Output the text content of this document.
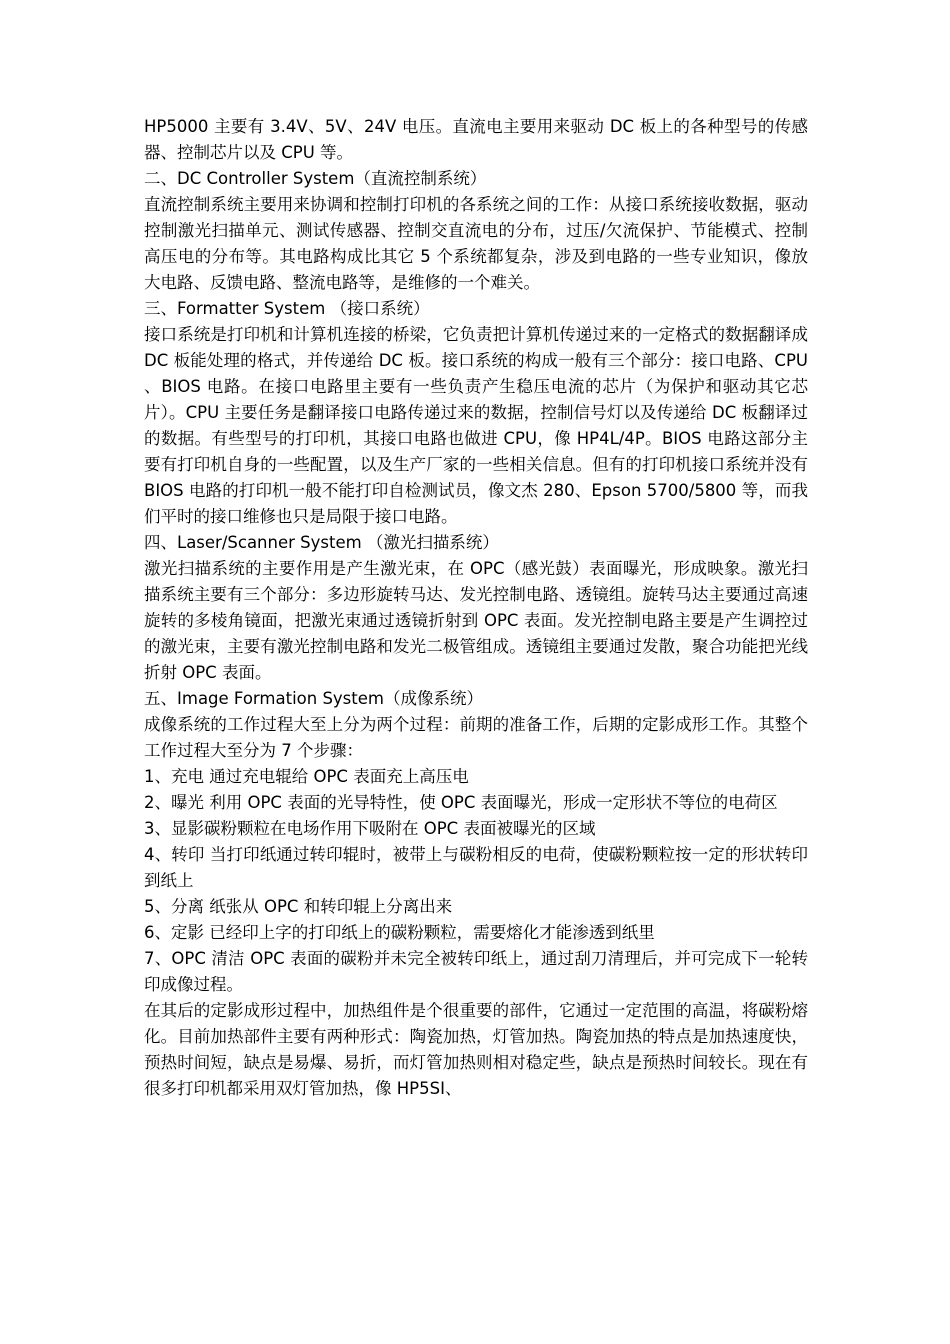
HP5000 主要有 3.4V、5V、24V 电压。直流电主要用来驱动 DC 板上的各种型号的传感器、控制芯片以及 CPU 等。

二、DC Controller System（直流控制系统）

直流控制系统主要用来协调和控制打印机的各系统之间的工作：从接口系统接收数据，驱动控制激光扫描单元、测试传感器、控制交直流电的分布，过压/欠流保护、节能模式、控制高压电的分布等。其电路构成比其它 5 个系统都复杂，涉及到电路的一些专业知识，像放大电路、反馈电路、整流电路等，是维修的一个难关。

三、Formatter System （接口系统）

接口系统是打印机和计算机连接的桥梁，它负责把计算机传递过来的一定格式的数据翻译成 DC 板能处理的格式，并传递给 DC 板。接口系统的构成一般有三个部分：接口电路、CPU 、BIOS 电路。在接口电路里主要有一些负责产生稳压电流的芯片（为保护和驱动其它芯片）。CPU 主要任务是翻译接口电路传递过来的数据，控制信号灯以及传递给 DC 板翻译过的数据。有些型号的打印机，其接口电路也做进 CPU，像 HP4L/4P。BIOS 电路这部分主要有打印机自身的一些配置，以及生产厂家的一些相关信息。但有的打印机接口系统并没有 BIOS 电路的打印机一般不能打印自检测试员，像文杰 280、Epson 5700/5800 等，而我们平时的接口维修也只是局限于接口电路。

四、Laser/Scanner System （激光扫描系统）

激光扫描系统的主要作用是产生激光束，在 OPC（感光鼓）表面曝光，形成映象。激光扫描系统主要有三个部分：多边形旋转马达、发光控制电路、透镜组。旋转马达主要通过高速旋转的多棱角镜面，把激光束通过透镜折射到 OPC 表面。发光控制电路主要是产生调控过的激光束，主要有激光控制电路和发光二极管组成。透镜组主要通过发散，聚合功能把光线折射 OPC 表面。

五、Image Formation System（成像系统）

成像系统的工作过程大至上分为两个过程：前期的准备工作，后期的定影成形工作。其整个工作过程大至分为 7 个步骤：

1、充电 通过充电辊给 OPC 表面充上高压电

2、曝光 利用 OPC 表面的光导特性，使 OPC 表面曝光，形成一定形状不等位的电荷区

3、显影碳粉颗粒在电场作用下吸附在 OPC 表面被曝光的区域

4、转印 当打印纸通过转印辊时，被带上与碳粉相反的电荷，使碳粉颗粒按一定的形状转印到纸上

5、分离 纸张从 OPC 和转印辊上分离出来

6、定影 已经印上字的打印纸上的碳粉颗粒，需要熔化才能渗透到纸里

7、OPC 清洁 OPC 表面的碳粉并未完全被转印纸上，通过刮刀清理后，并可完成下一轮转印成像过程。

在其后的定影成形过程中，加热组件是个很重要的部件，它通过一定范围的高温，将碳粉熔化。目前加热部件主要有两种形式：陶瓷加热，灯管加热。陶瓷加热的特点是加热速度快，预热时间短，缺点是易爆、易折，而灯管加热则相对稳定些，缺点是预热时间较长。现在有很多打印机都采用双灯管加热，像 HP5SI、
